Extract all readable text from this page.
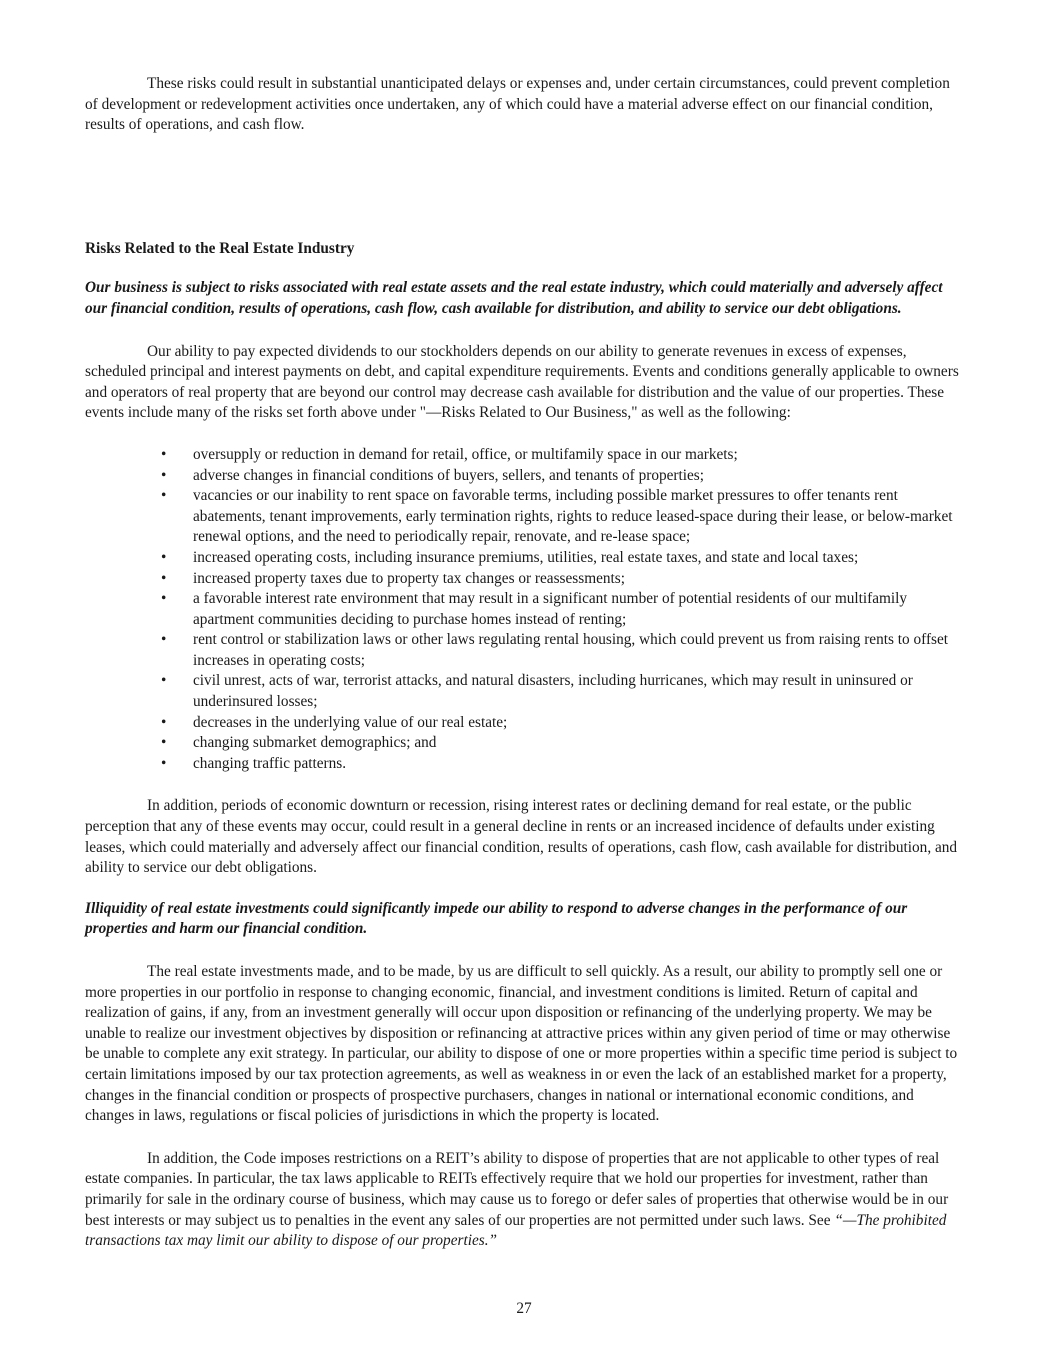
These risks could result in substantial unanticipated delays or expenses and, under certain circumstances, could prevent completion of development or redevelopment activities once undertaken, any of which could have a material adverse effect on our financial condition, results of operations, and cash flow.

Risks Related to the Real Estate Industry

Our business is subject to risks associated with real estate assets and the real estate industry, which could materially and adversely affect our financial condition, results of operations, cash flow, cash available for distribution, and ability to service our debt obligations.

Our ability to pay expected dividends to our stockholders depends on our ability to generate revenues in excess of expenses, scheduled principal and interest payments on debt, and capital expenditure requirements. Events and conditions generally applicable to owners and operators of real property that are beyond our control may decrease cash available for distribution and the value of our properties. These events include many of the risks set forth above under "—Risks Related to Our Business," as well as the following:

• oversupply or reduction in demand for retail, office, or multifamily space in our markets;
• adverse changes in financial conditions of buyers, sellers, and tenants of properties;
• vacancies or our inability to rent space on favorable terms, including possible market pressures to offer tenants rent abatements, tenant improvements, early termination rights, rights to reduce leased-space during their lease, or below-market renewal options, and the need to periodically repair, renovate, and re-lease space;
• increased operating costs, including insurance premiums, utilities, real estate taxes, and state and local taxes;
• increased property taxes due to property tax changes or reassessments;
• a favorable interest rate environment that may result in a significant number of potential residents of our multifamily apartment communities deciding to purchase homes instead of renting;
• rent control or stabilization laws or other laws regulating rental housing, which could prevent us from raising rents to offset increases in operating costs;
• civil unrest, acts of war, terrorist attacks, and natural disasters, including hurricanes, which may result in uninsured or underinsured losses;
• decreases in the underlying value of our real estate;
• changing submarket demographics; and
• changing traffic patterns.

In addition, periods of economic downturn or recession, rising interest rates or declining demand for real estate, or the public perception that any of these events may occur, could result in a general decline in rents or an increased incidence of defaults under existing leases, which could materially and adversely affect our financial condition, results of operations, cash flow, cash available for distribution, and ability to service our debt obligations.

Illiquidity of real estate investments could significantly impede our ability to respond to adverse changes in the performance of our properties and harm our financial condition.

The real estate investments made, and to be made, by us are difficult to sell quickly. As a result, our ability to promptly sell one or more properties in our portfolio in response to changing economic, financial, and investment conditions is limited. Return of capital and realization of gains, if any, from an investment generally will occur upon disposition or refinancing of the underlying property. We may be unable to realize our investment objectives by disposition or refinancing at attractive prices within any given period of time or may otherwise be unable to complete any exit strategy. In particular, our ability to dispose of one or more properties within a specific time period is subject to certain limitations imposed by our tax protection agreements, as well as weakness in or even the lack of an established market for a property, changes in the financial condition or prospects of prospective purchasers, changes in national or international economic conditions, and changes in laws, regulations or fiscal policies of jurisdictions in which the property is located.

In addition, the Code imposes restrictions on a REIT’s ability to dispose of properties that are not applicable to other types of real estate companies. In particular, the tax laws applicable to REITs effectively require that we hold our properties for investment, rather than primarily for sale in the ordinary course of business, which may cause us to forego or defer sales of properties that otherwise would be in our best interests or may subject us to penalties in the event any sales of our properties are not permitted under such laws. See “—The prohibited transactions tax may limit our ability to dispose of our properties.”

27
